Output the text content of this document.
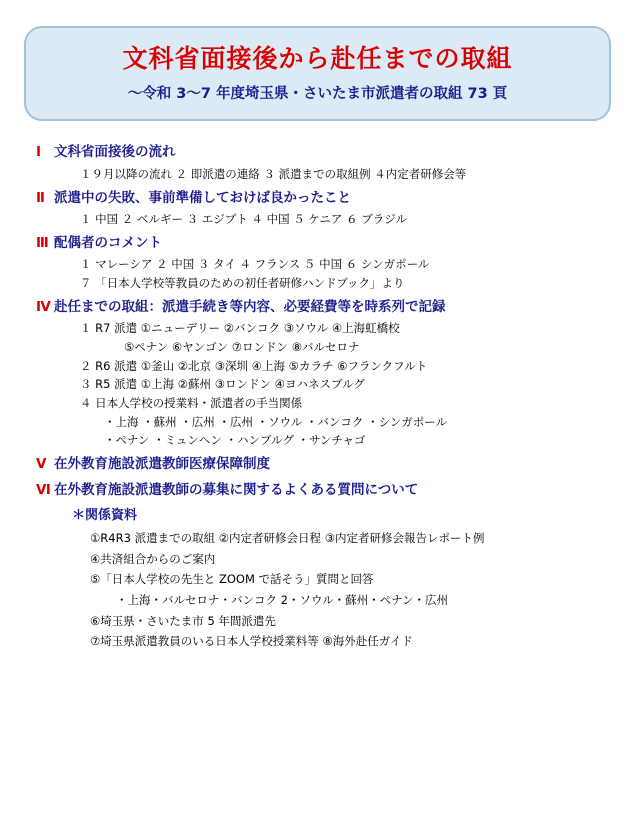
文科省面接後から赴任までの取組
〜令和 3〜7 年度埼玉県・さいたま市派遣者の取組 73 頁
Ⅰ 文科省面接後の流れ
１９月以降の流れ ２ 即派遣の連絡 ３ 派遣までの取組例 ４内定者研修会等
Ⅱ 派遣中の失敗、事前準備しておけば良かったこと
１ 中国 ２ ベルギー ３ エジプト ４ 中国 ５ ケニア ６ ブラジル
Ⅲ 配偶者のコメント
１ マレーシア ２ 中国 ３ タイ ４ フランス ５ 中国 ６ シンガポール
７ 「日本人学校等教員のための初任者研修ハンドブック」より
Ⅳ 赴任までの取組 ：派遣手続き等内容、必要経費等を時系列で記録
１ R7 派遣 ①ニューデリー ②バンコク ③ソウル ④上海虹橋校
⑤ペナン ⑥ヤンゴン ⑦ロンドン ⑧バルセロナ
２ R6 派遣 ①釜山 ②北京 ③深圳 ④上海 ⑤カラチ ⑥フランクフルト
３ R5 派遣 ①上海 ②蘇州 ③ロンドン ④ヨハネスブルグ
４ 日本人学校の授業料・派遣者の手当関係
・上海 ・蘇州 ・広州 ・広州 ・ソウル ・バンコク ・シンガポール
・ペナン ・ミュンヘン ・ハンブルグ ・サンチャゴ
Ⅴ 在外教育施設派遣教師医療保障制度
Ⅵ 在外教育施設派遣教師の募集に関するよくある質問について
＊関係資料
①R4R3 派遣までの取組 ②内定者研修会日程 ③内定者研修会報告レポート例
④共済組合からのご案内
⑤「日本人学校の先生と ZOOM で話そう」質問と回答
・上海・バルセロナ・バンコク 2・ソウル・蘇州・ペナン・広州
⑥埼玉県・さいたま市 5 年間派遣先
⑦埼玉県派遣教員のいる日本人学校授業料等 ⑧海外赴任ガイド
